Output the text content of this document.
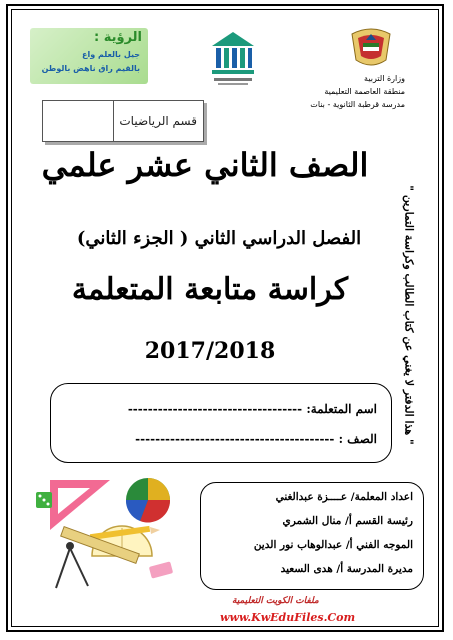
الرؤية :
جيل بالعلم واع
بالقيم راق ناهض بالوطن
وزارة التربية
منطقة العاصمة التعليمية
مدرسة قرطبة الثانوية - بنات
قسم الرياضيات
الصف الثاني عشر علمي
الفصل الدراسي الثاني ( الجزء الثاني)
كراسة متابعة المتعلمة
2017/2018	" هذا الدفتر لا يغني عن كتاب الطالب وكراسة التمارين "
اسم المتعلمة: -----------------------------------
الصف : ----------------------------------------
اعداد المعلمة/ عــــزة عبدالغني
رئيسة القسم أ/ منال الشمري
الموجه الفني أ/ عبدالوهاب نور الدين
مديرة المدرسة أ/ هدى السعيد
ملفات الكويت التعليمية
www.KwEduFiles.Com
